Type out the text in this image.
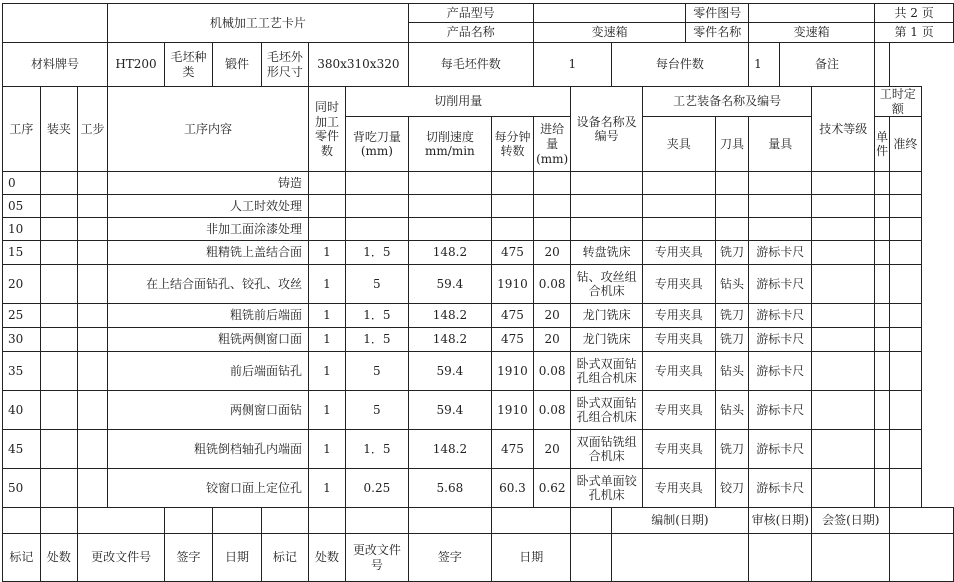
			机械加工工艺卡片						产品型号						零件图号					共 2 页	
									产品名称		变速箱				零件名称		变速箱			第 1 页	
材料牌号			HT200	毛坯种类	锻件	毛坯外形尺寸	380x310x320		每毛坯件数		1		每台件数				1	备注			
工序	装夹	工步	工序内容				同时加工零件数	切削用量				设备名称及编号		工艺装备名称及编号					技术等级	工时定额	
								背吃刀量(mm)	切削速度mm/min	每分钟转数	进给量(mm)			夹具		刀具	量具			单件	准终
0			铸造																		
05			人工时效处理																		
10			非加工面涂漆处理																		
15			粗精铣上盖结合面				1	1．5	148.2	475	20	转盘铣床		专用夹具		铣刀	游标卡尺				
20			在上结合面钻孔、铰孔、攻丝				1	5	59.4	1910	0.08	钻、攻丝组合机床		专用夹具		钻头	游标卡尺				
25			粗铣前后端面				1	1．5	148.2	475	20	龙门铣床		专用夹具		铣刀	游标卡尺				
30			粗铣两侧窗口面				1	1．5	148.2	475	20	龙门铣床		专用夹具		铣刀	游标卡尺				
35			前后端面钻孔				1	5	59.4	1910	0.08	卧式双面钻孔组合机床		专用夹具		钻头	游标卡尺				
40			两侧窗口面钻				1	5	59.4	1910	0.08	卧式双面钻孔组合机床		专用夹具		钻头	游标卡尺				
45			粗铣倒档轴孔内端面				1	1．5	148.2	475	20	双面钻铣组合机床		专用夹具		铣刀	游标卡尺				
50			铰窗口面上定位孔				1	0.25	5.68	60.3	0.62	卧式单面铰孔机床		专用夹具		铰刀	游标卡尺				
													编制(日期)				审核(日期)		会签(日期)		
标记	处数	更改文件号		签字	日期	标记	处数	更改文件号	签字	日期											
